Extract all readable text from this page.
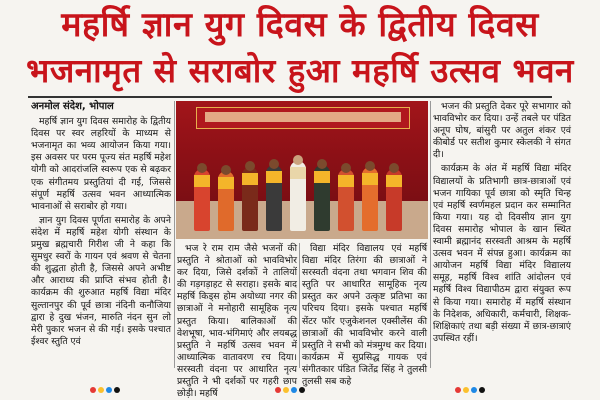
महर्षि ज्ञान युग दिवस के द्वितीय दिवस
भजनामृत से सराबोर हुआ महर्षि उत्सव भवन
अनमोल संदेश, भोपाल

महर्षि ज्ञान युग दिवस समारोह के द्वितीय दिवस पर स्वर लहरियों के माध्यम से भजनामृत का भव्य आयोजन किया गया। इस अवसर पर परम पूज्य संत महर्षि महेश योगी को आदरांजलि स्वरूप एक से बढ़कर एक संगीतमय प्रस्तुतियां दी गई, जिससे संपूर्ण महर्षि उत्सव भवन आध्यात्मिक भावनाओं से सराबोर हो गया।

ज्ञान युग दिवस पूर्णता समारोह के अपने संदेश में महर्षि महेश योगी संस्थान के प्रमुख ब्रह्मचारी गिरीश जी ने कहा कि सुमधुर स्वरों के गायन एवं श्रवण से चेतना की शुद्धता होती है, जिससे अपने अभीष्ट और आराध्य की प्राप्ति संभव होती है। कार्यक्रम की शुरुआत महर्षि विद्या मंदिर सुल्तानपुर की पूर्व छात्रा नंदिनी कनौजिया द्वारा हे दुख भंजन, मारुति नंदन सुन लो मेरी पुकार भजन से की गई। इसके पश्चात ईश्वर स्तुति एवं

भज रे राम राम जैसे भजनों की प्रस्तुति ने श्रोताओं को भावविभोर कर दिया, जिसे दर्शकों ने तालियों की गड़गड़ाहट से सराहा। इसके बाद महर्षि किड्स होम अयोध्या नगर की छात्राओं ने मनोहारी सामूहिक नृत्य प्रस्तुत किया। बालिकाओं की वेशभूषा, भाव-भंगिमाएं और लयबद्ध प्रस्तुति ने महर्षि उत्सव भवन में आध्यात्मिक वातावरण रच दिया। सरस्वती वंदना पर आधारित नृत्य प्रस्तुति ने भी दर्शकों पर गहरी छाप छोड़ी। महर्षि

विद्या मंदिर विद्यालय एवं महर्षि विद्या मंदिर तिरंगा की छात्राओं ने सरस्वती वंदना तथा भगवान शिव की स्तुति पर आधारित सामूहिक नृत्य प्रस्तुत कर अपने उत्कृष्ट प्रतिभा का परिचय दिया। इसके पश्चात महर्षि सेंटर फॉर एजुकेशनल एक्सीलेंस की छात्राओं की भावविभोर करने वाली प्रस्तुति ने सभी को मंत्रमुग्ध कर दिया। कार्यक्रम में सुप्रसिद्ध गायक एवं संगीतकार पंडित जितेंद्र सिंह ने तुलसी तुलसी सब कहे

भजन की प्रस्तुति देकर पूरे सभागार को भावविभोर कर दिया। उन्हें तबले पर पंडित अनूप घोष, बांसुरी पर अतुल शंकर एवं कीबोर्ड पर सतीश कुमार स्केलकी ने संगत दी।

कार्यक्रम के अंत में महर्षि विद्या मंदिर विद्यालयों के प्रतिभागी छात्र-छात्राओं एवं भजन गायिका पूर्व छात्रा को स्मृति चिन्ह एवं महर्षि स्वर्णमहल प्रदान कर सम्मानित किया गया। यह दो दिवसीय ज्ञान युग दिवस समारोह भोपाल के खान स्थित स्वामी ब्रह्मानंद सरस्वती आश्रम के महर्षि उत्सव भवन में संपन्न हुआ। कार्यक्रम का आयोजन महर्षि विद्या मंदिर विद्यालय समूह, महर्षि विश्व शांति आंदोलन एवं महर्षि विश्व विद्यापीठम द्वारा संयुक्त रूप से किया गया। समारोह में महर्षि संस्थान के निदेशक, अधिकारी, कर्मचारी, शिक्षक-शिक्षिकाएं तथा बड़ी संख्या में छात्र-छात्राएं उपस्थित रहीं।
